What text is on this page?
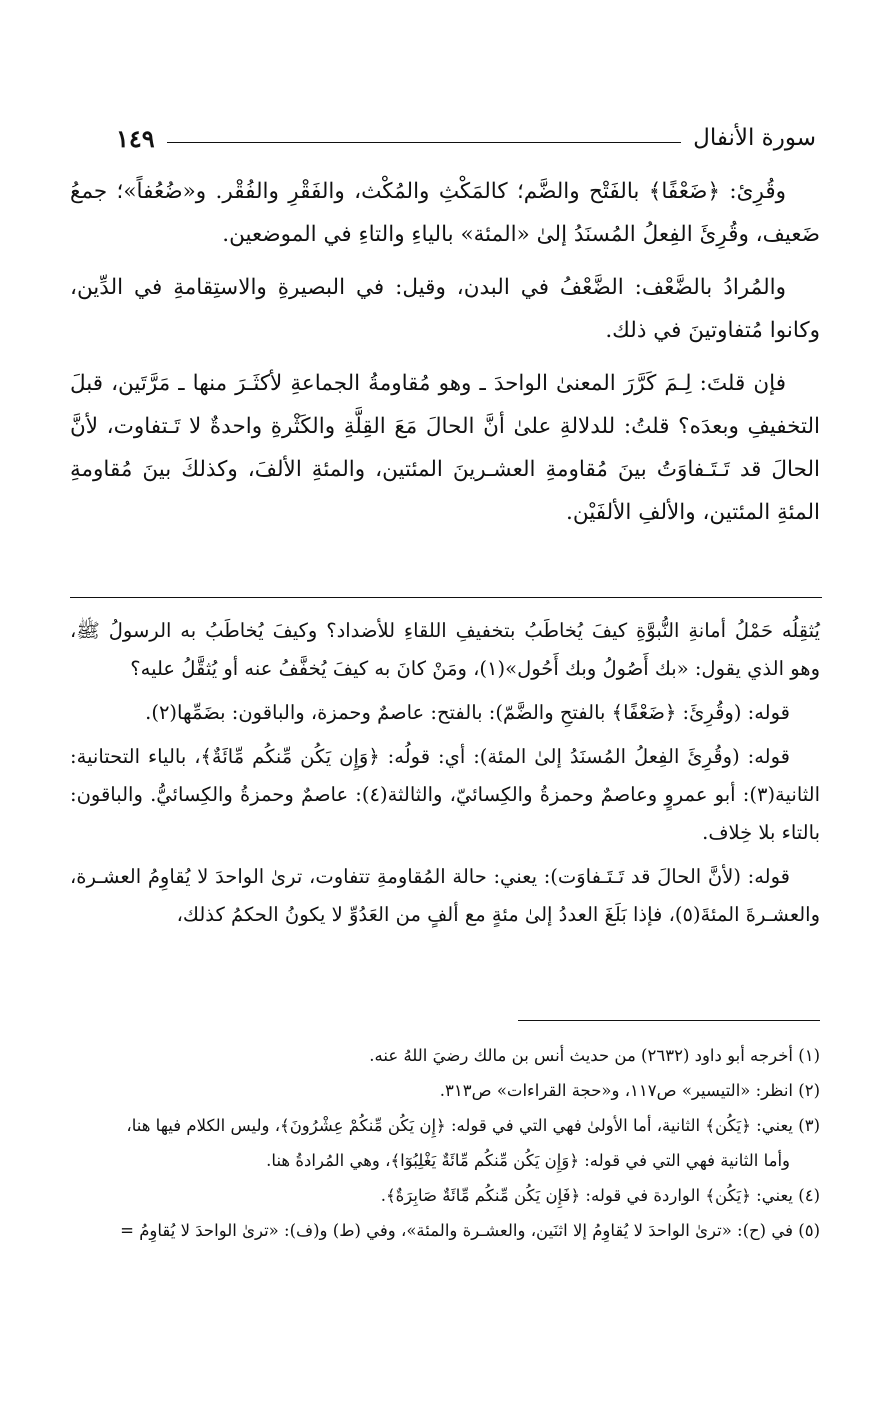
سورة الأنفال
١٤٩

وقُرِئ: ﴿ضَعْفًا﴾ بالفَتْح والضَّم؛ كالمَكْثِ والمُكْث، والفَقْرِ والفُقْر. و«ضُعُفاً»؛ جمعُ ضَعيف، وقُرِئَ الفِعلُ المُسنَدُ إلىٰ «المئة» بالياءِ والتاءِ في الموضعين.

والمُرادُ بالضَّعْف: الضَّعْفُ في البدن، وقيل: في البصيرةِ والاستِقامةِ في الدِّين، وكانوا مُتفاوتينَ في ذلك.

فإن قلتَ: لِـمَ كَرَّرَ المعنىٰ الواحدَ ـ وهو مُقاومةُ الجماعةِ لأكثَـرَ منها ـ مَرَّتَين، قبلَ التخفيفِ وبعدَه؟ قلتُ: للدلالةِ علىٰ أنَّ الحالَ مَعَ القِلَّةِ والكَثْرةِ واحدةٌ لا تَـتفاوت، لأنَّ الحالَ قد تَـتَـفاوَتُ بينَ مُقاومةِ العشـرينَ المئتين، والمئةِ الألفَ، وكذلكَ بينَ مُقاومةِ المئةِ المئتين، والألفِ الألفَيْن.

يُثقِلُه حَمْلُ أمانةِ النُّبوَّةِ كيفَ يُخاطَبُ بتخفيفِ اللقاءِ للأضداد؟ وكيفَ يُخاطَبُ به الرسولُ ﷺ، وهو الذي يقول: «بك أَصُولُ وبك أَحُول»(١)، ومَنْ كانَ به كيفَ يُخفَّفُ عنه أو يُثقَّلُ عليه؟

قوله: (وقُرِئَ: ﴿ضَعْفًا﴾ بالفتحِ والضَّمّ): بالفتح: عاصمٌ وحمزة، والباقون: بضَمِّها(٢).

قوله: (وقُرِئَ الفِعلُ المُسنَدُ إلىٰ المئة): أي: قولُه: ﴿وَإِن يَكُن مِّنكُم مِّائَةٌ﴾، بالياء التحتانية: الثانية(٣): أبو عمروٍ وعاصمٌ وحمزةُ والكِسائيّ، والثالثة(٤): عاصمٌ وحمزةُ والكِسائيُّ. والباقون: بالتاء بلا خِلاف.

قوله: (لأنَّ الحالَ قد تَـتَـفاوَت): يعني: حالة المُقاومةِ تتفاوت، ترىٰ الواحدَ لا يُقاوِمُ العشـرة، والعشـرةَ المئةَ(٥)، فإذا بَلَغَ العددُ إلىٰ مئةٍ مع ألفٍ من العَدُوِّ لا يكونُ الحكمُ كذلك،

(١) أخرجه أبو داود (٢٦٣٢) من حديث أنس بن مالك رضيَ اللهُ عنه.

(٢) انظر: «التيسير» ص١١٧، و«حجة القراءات» ص٣١٣.

(٣) يعني: ﴿يَكُن﴾ الثانية، أما الأولىٰ فهي التي في قوله: ﴿إِن يَكُن مِّنكُمْ عِشْرُونَ﴾، وليس الكلام فيها هنا،

وأما الثانية فهي التي في قوله: ﴿وَإِن يَكُن مِّنكُم مِّائَةٌ يَغْلِبُوٓا﴾، وهي المُرادةُ هنا.

(٤) يعني: ﴿يَكُن﴾ الواردة في قوله: ﴿فَإِن يَكُن مِّنكُم مِّائَةٌ صَابِرَةٌ﴾.

(٥) في (ح): «ترىٰ الواحدَ لا يُقاوِمُ إلا اثنَين، والعشـرة والمئة»، وفي (ط) و(ف): «ترىٰ الواحدَ لا يُقاوِمُ =
